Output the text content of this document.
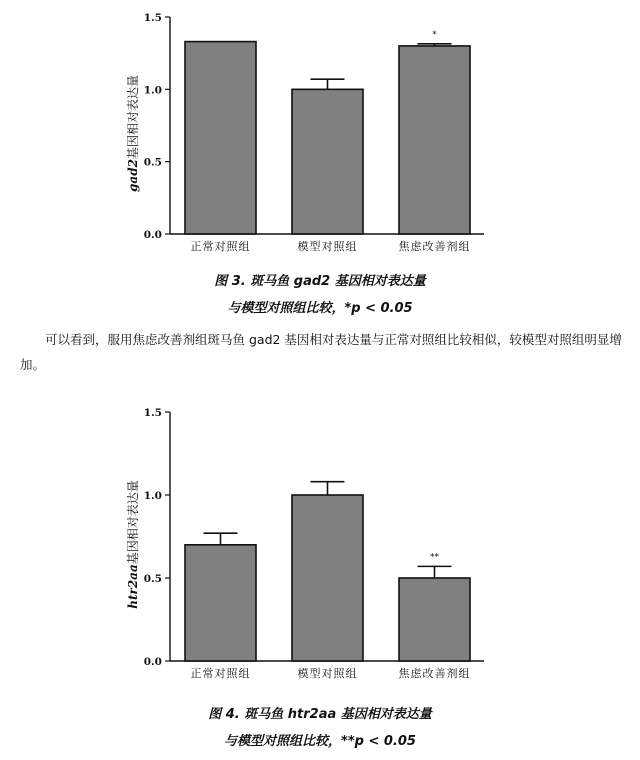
0.0
0.5
1.0
1.5
gad2基因相对表达量
正常对照组	模型对照组
*
焦虑改善剂组
图 3. 斑马鱼 gad2 基因相对表达量
与模型对照组比较，*p < 0.05
可以看到，服用焦虑改善剂组斑马鱼 gad2 基因相对表达量与正常对照组比较相似，较模型对照组明显增加。
0.0
0.5
1.0
1.5
htr2aa基因相对表达量
正常对照组	模型对照组
**
焦虑改善剂组
图 4. 斑马鱼 htr2aa 基因相对表达量
与模型对照组比较，**p < 0.05
